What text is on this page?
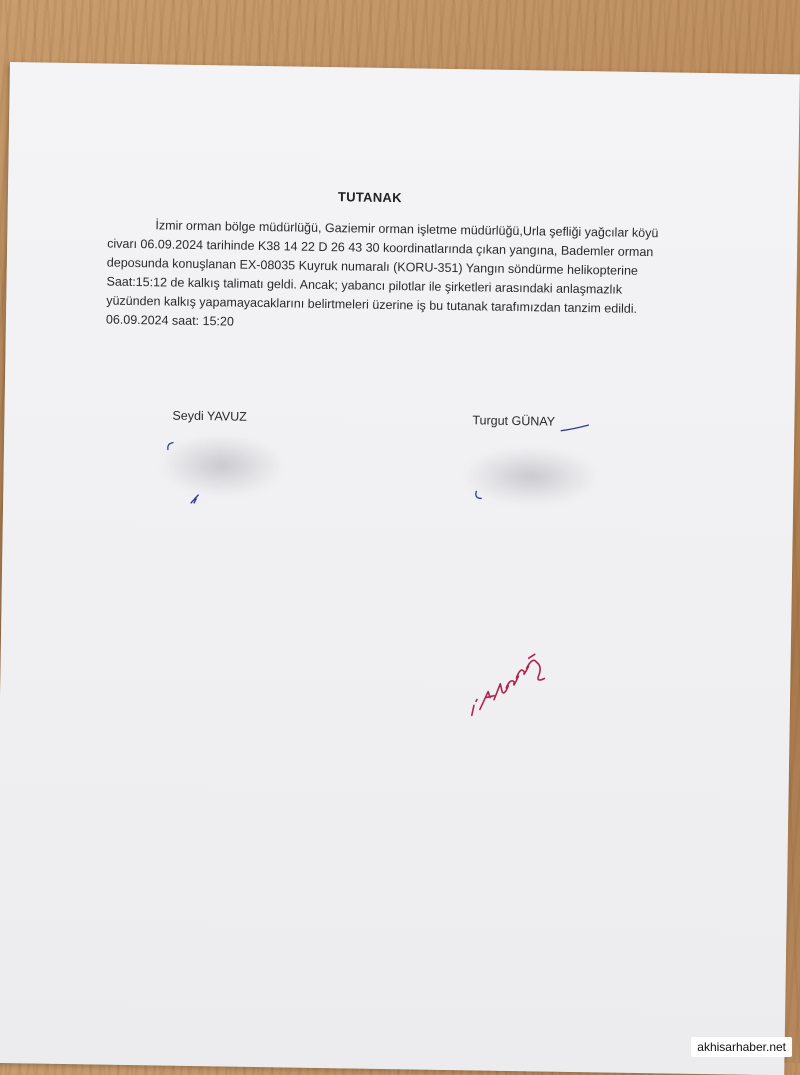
TUTANAK
İzmir orman bölge müdürlüğü, Gaziemir orman işletme müdürlüğü,Urla şefliği yağcılar köyü
civarı 06.09.2024 tarihinde K38 14 22 D 26 43 30 koordinatlarında çıkan yangına, Bademler orman
deposunda konuşlanan EX-08035 Kuyruk numaralı (KORU-351) Yangın söndürme helikopterine
Saat:15:12 de kalkış talimatı geldi. Ancak; yabancı pilotlar ile şirketleri arasındaki anlaşmazlık
yüzünden kalkış yapamayacaklarını belirtmeleri üzerine iş bu tutanak tarafımızdan tanzim edildi.
06.09.2024 saat: 15:20
Seydi YAVUZ	Turgut GÜNAY
akhisarhaber.net
